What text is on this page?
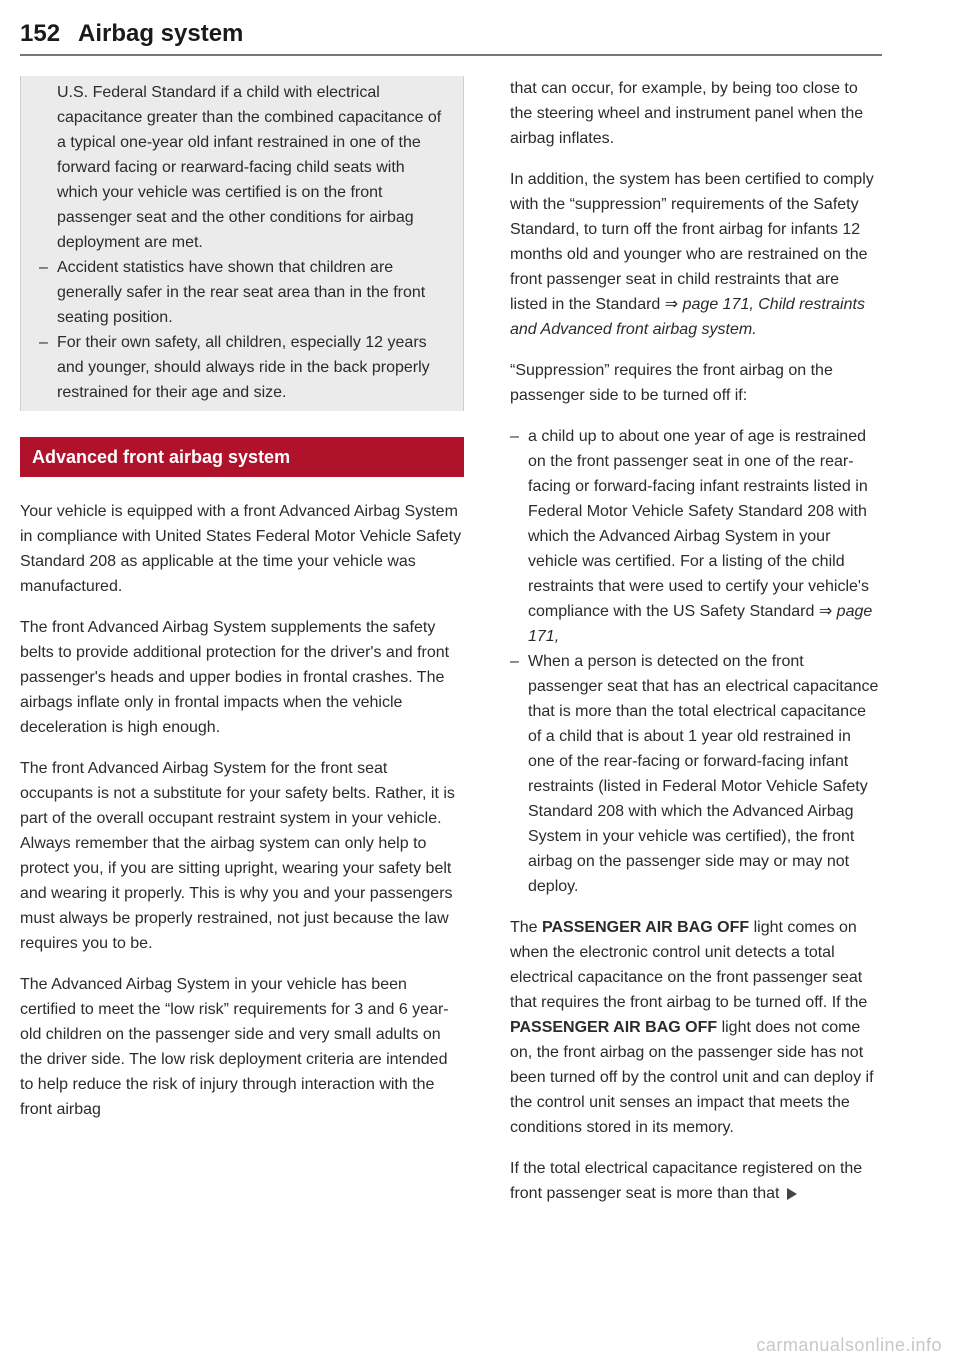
152 Airbag system

U.S. Federal Standard if a child with electrical capacitance greater than the combined capacitance of a typical one-year old infant restrained in one of the forward facing or rearward-facing child seats with which your vehicle was certified is on the front passenger seat and the other conditions for airbag deployment are met.

– Accident statistics have shown that children are generally safer in the rear seat area than in the front seating position.
– For their own safety, all children, especially 12 years and younger, should always ride in the back properly restrained for their age and size.
Advanced front airbag system

Your vehicle is equipped with a front Advanced Airbag System in compliance with United States Federal Motor Vehicle Safety Standard 208 as applicable at the time your vehicle was manufactured.

The front Advanced Airbag System supplements the safety belts to provide additional protection for the driver's and front passenger's heads and upper bodies in frontal crashes. The airbags inflate only in frontal impacts when the vehicle deceleration is high enough.

The front Advanced Airbag System for the front seat occupants is not a substitute for your safety belts. Rather, it is part of the overall occupant restraint system in your vehicle. Always remember that the airbag system can only help to protect you, if you are sitting upright, wearing your safety belt and wearing it properly. This is why you and your passengers must always be properly restrained, not just because the law requires you to be.

The Advanced Airbag System in your vehicle has been certified to meet the “low risk” requirements for 3 and 6 year-old children on the passenger side and very small adults on the driver side. The low risk deployment criteria are intended to help reduce the risk of injury through interaction with the front airbag

that can occur, for example, by being too close to the steering wheel and instrument panel when the airbag inflates.

In addition, the system has been certified to comply with the “suppression” requirements of the Safety Standard, to turn off the front airbag for infants 12 months old and younger who are restrained on the front passenger seat in child restraints that are listed in the Standard ⇒ page 171, Child restraints and Advanced front airbag system.

“Suppression” requires the front airbag on the passenger side to be turned off if:

– a child up to about one year of age is restrained on the front passenger seat in one of the rear-facing or forward-facing infant restraints listed in Federal Motor Vehicle Safety Standard 208 with which the Advanced Airbag System in your vehicle was certified. For a listing of the child restraints that were used to certify your vehicle's compliance with the US Safety Standard ⇒ page 171,
– When a person is detected on the front passenger seat that has an electrical capacitance that is more than the total electrical capacitance of a child that is about 1 year old restrained in one of the rear-facing or forward-facing infant restraints (listed in Federal Motor Vehicle Safety Standard 208 with which the Advanced Airbag System in your vehicle was certified), the front airbag on the passenger side may or may not deploy.

The PASSENGER AIR BAG OFF light comes on when the electronic control unit detects a total electrical capacitance on the front passenger seat that requires the front airbag to be turned off. If the PASSENGER AIR BAG OFF light does not come on, the front airbag on the passenger side has not been turned off by the control unit and can deploy if the control unit senses an impact that meets the conditions stored in its memory.

If the total electrical capacitance registered on the front passenger seat is more than that

carmanualsonline.info
